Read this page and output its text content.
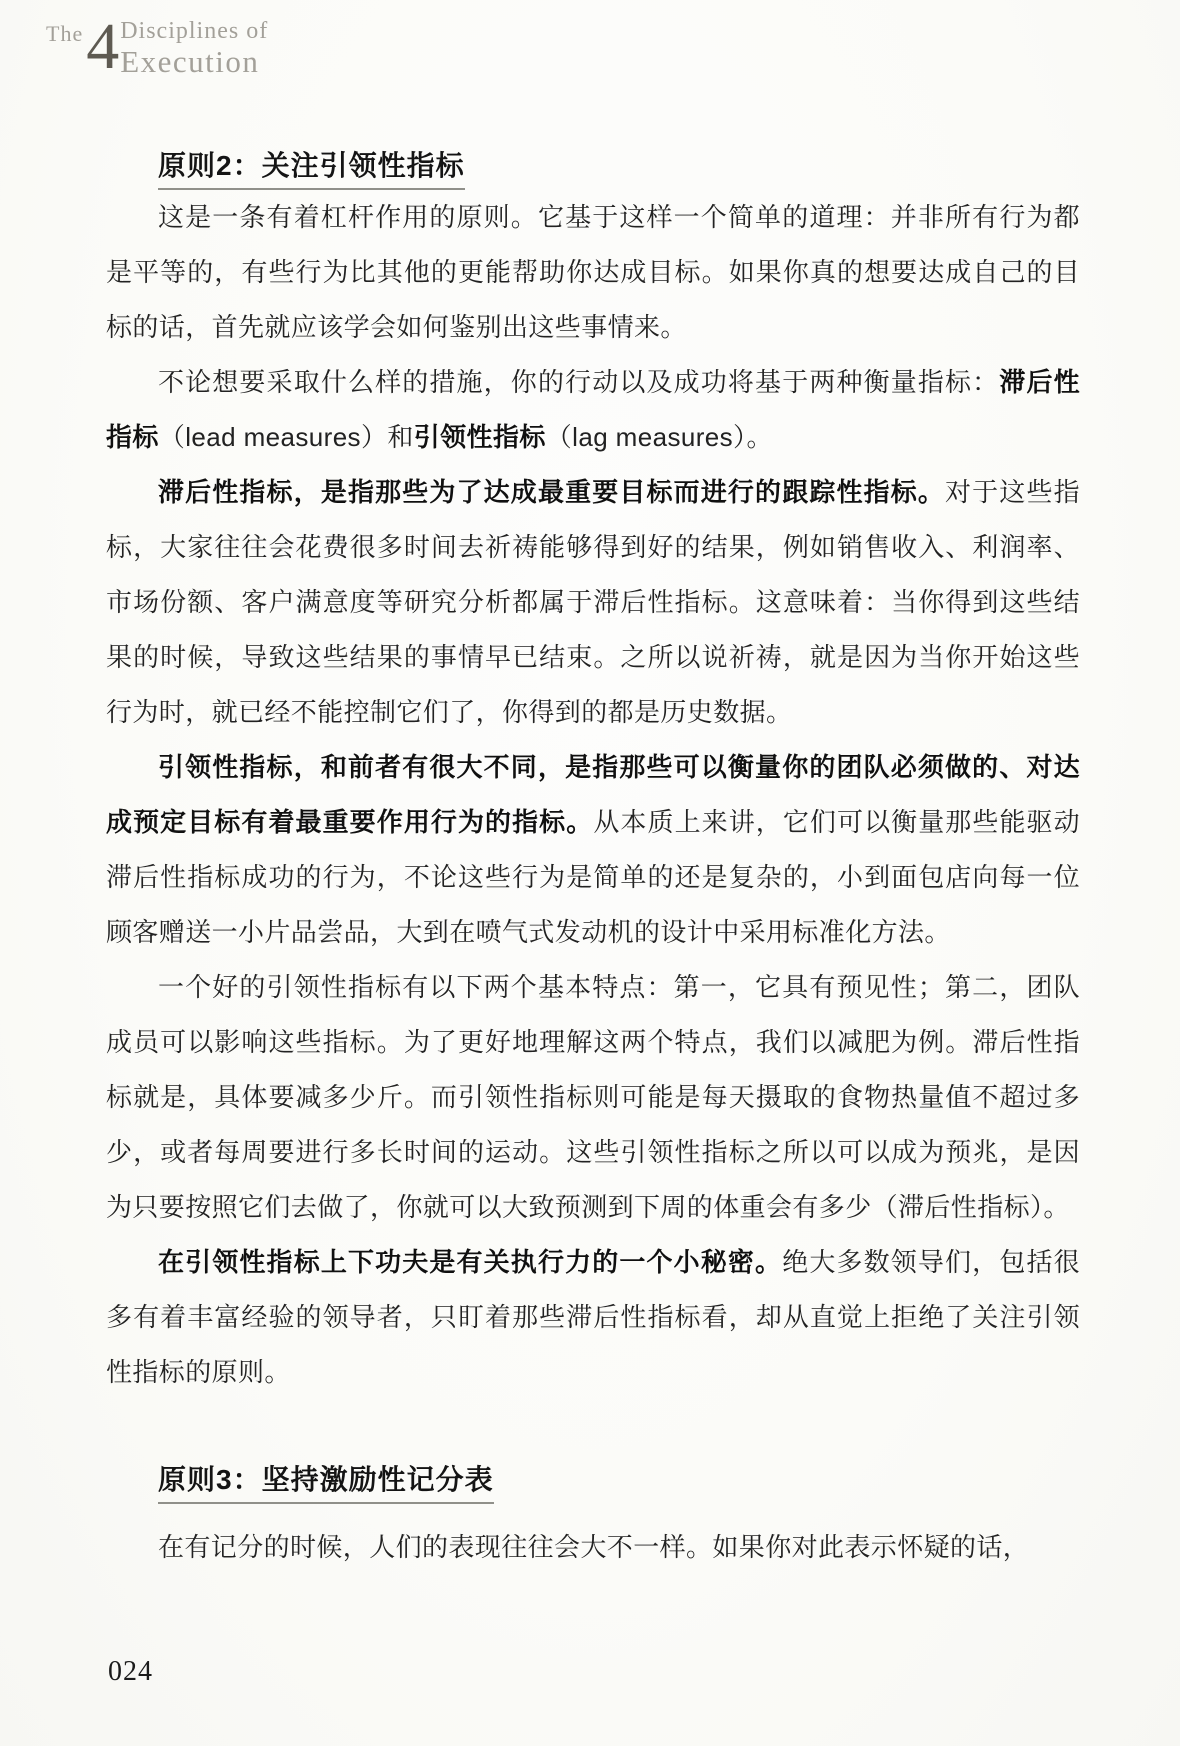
The 4 Disciplines of
Execution
原则2：关注引领性指标

这是一条有着杠杆作用的原则。它基于这样一个简单的道理：并非所有行为都是平等的，有些行为比其他的更能帮助你达成目标。如果你真的想要达成自己的目标的话，首先就应该学会如何鉴别出这些事情来。

不论想要采取什么样的措施，你的行动以及成功将基于两种衡量指标：滞后性指标（lead measures）和引领性指标（lag measures）。

滞后性指标，是指那些为了达成最重要目标而进行的跟踪性指标。对于这些指标，大家往往会花费很多时间去祈祷能够得到好的结果，例如销售收入、利润率、市场份额、客户满意度等研究分析都属于滞后性指标。这意味着：当你得到这些结果的时候，导致这些结果的事情早已结束。之所以说祈祷，就是因为当你开始这些行为时，就已经不能控制它们了，你得到的都是历史数据。

引领性指标，和前者有很大不同，是指那些可以衡量你的团队必须做的、对达成预定目标有着最重要作用行为的指标。从本质上来讲，它们可以衡量那些能驱动滞后性指标成功的行为，不论这些行为是简单的还是复杂的，小到面包店向每一位顾客赠送一小片品尝品，大到在喷气式发动机的设计中采用标准化方法。

一个好的引领性指标有以下两个基本特点：第一，它具有预见性；第二，团队成员可以影响这些指标。为了更好地理解这两个特点，我们以减肥为例。滞后性指标就是，具体要减多少斤。而引领性指标则可能是每天摄取的食物热量值不超过多少，或者每周要进行多长时间的运动。这些引领性指标之所以可以成为预兆，是因为只要按照它们去做了，你就可以大致预测到下周的体重会有多少（滞后性指标）。

在引领性指标上下功夫是有关执行力的一个小秘密。绝大多数领导们，包括很多有着丰富经验的领导者，只盯着那些滞后性指标看，却从直觉上拒绝了关注引领性指标的原则。

原则3：坚持激励性记分表

在有记分的时候，人们的表现往往会大不一样。如果你对此表示怀疑的话，

024
